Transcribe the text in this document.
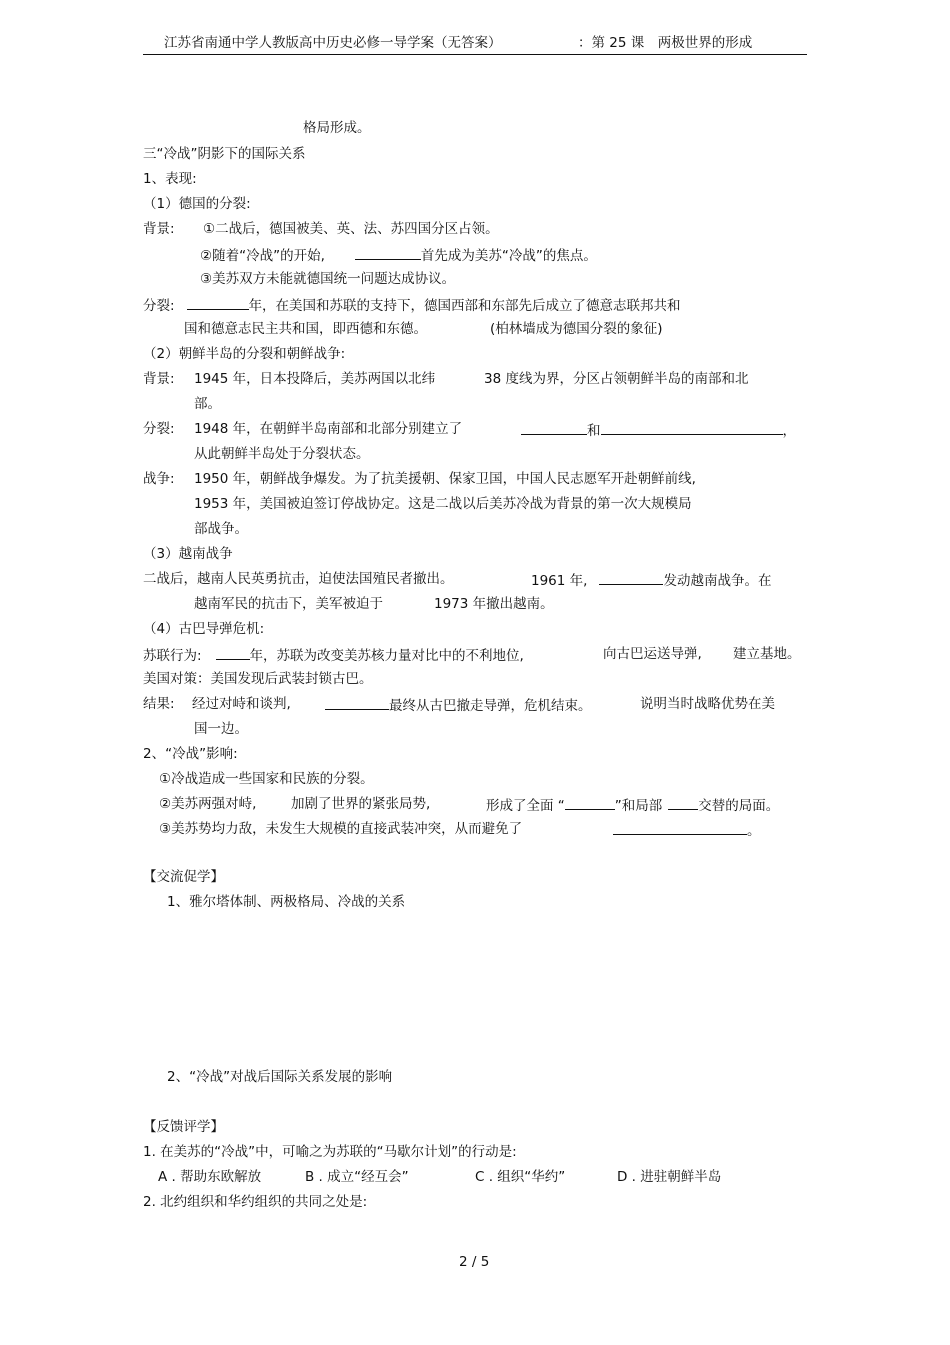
江苏省南通中学人教版高中历史必修一导学案（无答案）	：第 25 课　两极世界的形成
格局形成。
三“冷战”阴影下的国际关系
1、表现:
（1）德国的分裂:
背景: ①二战后，德国被美、英、法、苏四国分区占领。
②随着“冷战”的开始,	首先成为美苏“冷战”的焦点。
③美苏双方未能就德国统一问题达成协议。
分裂:	年，在美国和苏联的支持下，德国西部和东部先后成立了德意志联邦共和
国和德意志民主共和国，即西德和东德。	(柏林墙成为德国分裂的象征)
（2）朝鲜半岛的分裂和朝鲜战争:
背景: 1945 年，日本投降后，美苏两国以北纬	38 度线为界，分区占领朝鲜半岛的南部和北
部。
分裂: 1948 年，在朝鲜半岛南部和北部分别建立了	和	，
从此朝鲜半岛处于分裂状态。
战争: 1950 年，朝鲜战争爆发。为了抗美援朝、保家卫国，中国人民志愿军开赴朝鲜前线,
1953 年，美国被迫签订停战协定。这是二战以后美苏冷战为背景的第一次大规模局
部战争。
（3）越南战争
二战后，越南人民英勇抗击，迫使法国殖民者撤出。	1961 年,	发动越南战争。在
越南军民的抗击下，美军被迫于	1973 年撤出越南。
（4）古巴导弹危机:
苏联行为:	年，苏联为改变美苏核力量对比中的不利地位,	向古巴运送导弹, 建立基地。
美国对策：美国发现后武装封锁古巴。
结果: 经过对峙和谈判,	最终从古巴撤走导弹，危机结束。	说明当时战略优势在美
国一边。
2、“冷战”影响:
①冷战造成一些国家和民族的分裂。
②美苏两强对峙,	加剧了世界的紧张局势,	形成了全面 “	”和局部	交替的局面。
③美苏势均力敌，未发生大规模的直接武装冲突，从而避免了	。
【交流促学】
1、雅尔塔体制、两极格局、冷战的关系
2、“冷战”对战后国际关系发展的影响
【反馈评学】
1. 在美苏的“冷战”中，可喻之为苏联的“马歇尔计划”的行动是:
A . 帮助东欧解放	B . 成立“经互会”	C . 组织“华约”	D . 进驻朝鲜半岛
2. 北约组织和华约组织的共同之处是:
2 / 5
